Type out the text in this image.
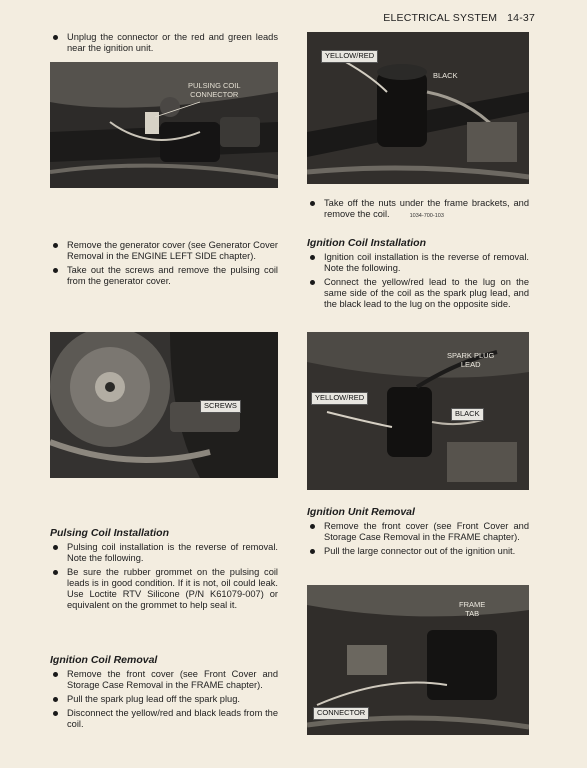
ELECTRICAL SYSTEM 14-37
Unplug the connector or the red and green leads near the ignition unit.
Remove the generator cover (see Generator Cover Removal in the ENGINE LEFT SIDE chapter).
Take out the screws and remove the pulsing coil from the generator cover.
Pulsing Coil Installation
Pulsing coil installation is the reverse of removal. Note the following.
Be sure the rubber grommet on the pulsing coil leads is in good condition. If it is not, oil could leak. Use Loctite RTV Silicone (P/N K61079-007) or equivalent on the grommet to help seal it.
Ignition Coil Removal
Remove the front cover (see Front Cover and Storage Case Removal in the FRAME chapter).
Pull the spark plug lead off the spark plug.
Disconnect the yellow/red and black leads from the coil.
PULSING COIL
CONNECTOR
SCREWS
Take off the nuts under the frame brackets, and remove the coil.	1034-700-103
Ignition Coil Installation
Ignition coil installation is the reverse of removal. Note the following.
Connect the yellow/red lead to the lug on the same side of the coil as the spark plug lead, and the black lead to the lug on the opposite side.
Ignition Unit Removal
Remove the front cover (see Front Cover and Storage Case Removal in the FRAME chapter).
Pull the large connector out of the ignition unit.
YELLOW/RED
BLACK
SPARK PLUG
LEAD
YELLOW/RED
BLACK
FRAME
TAB
CONNECTOR
